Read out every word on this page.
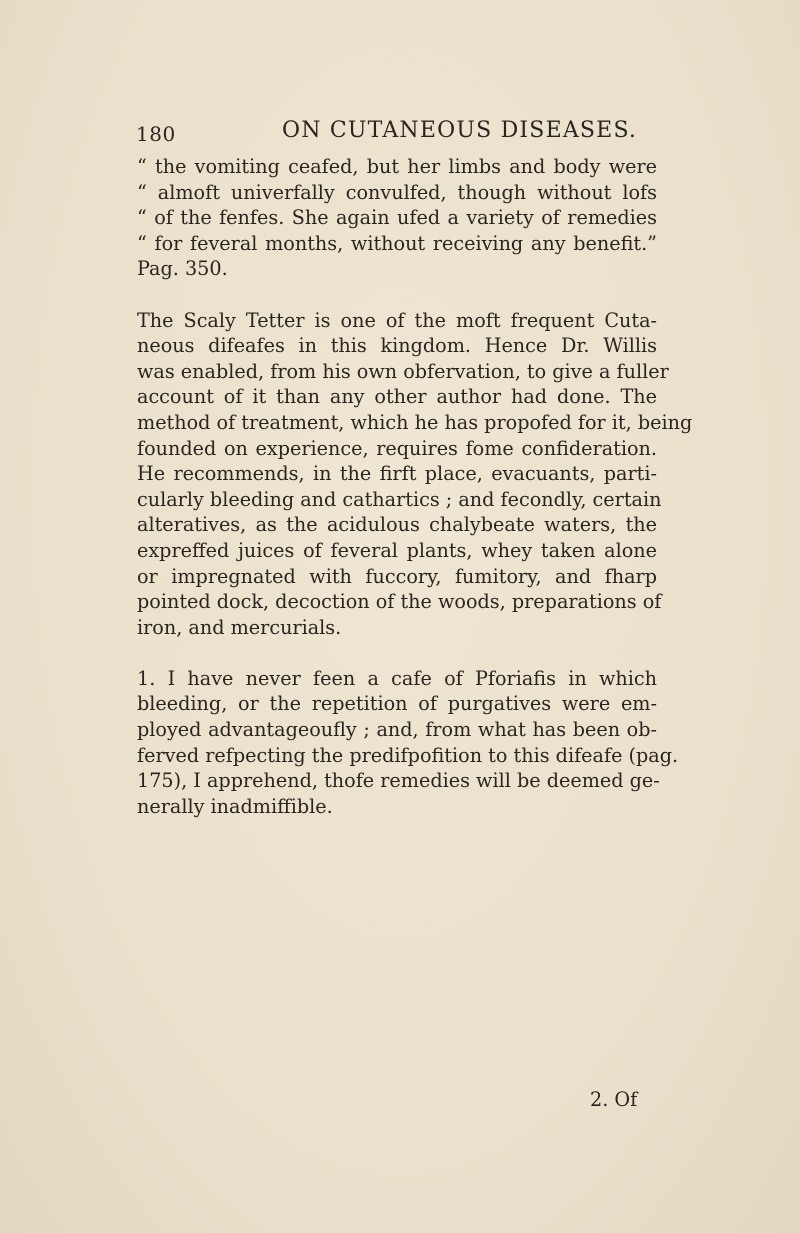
180	ON CUTANEOUS DISEASES.
“ the vomiting ceafed, but her limbs and body were
“ almoft univerfally convulfed, though without lofs
“ of the fenfes. She again ufed a variety of remedies
“ for feveral months, without receiving any benefit.”
Pag. 350.
The Scaly Tetter is one of the moft frequent Cuta-
neous difeafes in this kingdom. Hence Dr. Willis
was enabled, from his own obfervation, to give a fuller
account of it than any other author had done. The
method of treatment, which he has propofed for it, being
founded on experience, requires fome confideration.
He recommends, in the firft place, evacuants, parti-
cularly bleeding and cathartics ; and fecondly, certain
alteratives, as the acidulous chalybeate waters, the
expreffed juices of feveral plants, whey taken alone
or impregnated with fuccory, fumitory, and fharp
pointed dock, decoction of the woods, preparations of
iron, and mercurials.
1. I have never feen a cafe of Pforiafis in which
bleeding, or the repetition of purgatives were em-
ployed advantageoufly ; and, from what has been ob-
ferved refpecting the predifpofition to this difeafe (pag.
175), I apprehend, thofe remedies will be deemed ge-
nerally inadmiffible.
2. Of
